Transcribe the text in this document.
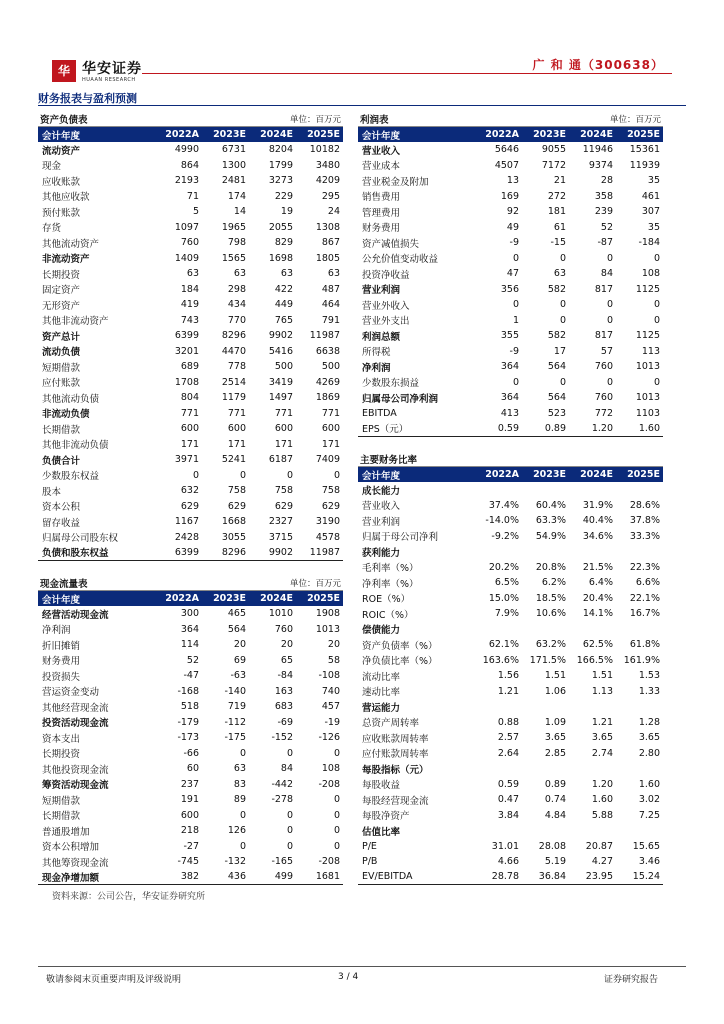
华 华安证券
HUAAN RESEARCH
广 和 通（300638）
财务报表与盈利预测
资产负债表	单位：百万元
会计年度	2022A	2023E	2024E	2025E
流动资产	4990	6731	8204	10182
现金	864	1300	1799	3480
应收账款	2193	2481	3273	4209
其他应收款	71	174	229	295
预付账款	5	14	19	24
存货	1097	1965	2055	1308
其他流动资产	760	798	829	867
非流动资产	1409	1565	1698	1805
长期投资	63	63	63	63
固定资产	184	298	422	487
无形资产	419	434	449	464
其他非流动资产	743	770	765	791
资产总计	6399	8296	9902	11987
流动负债	3201	4470	5416	6638
短期借款	689	778	500	500
应付账款	1708	2514	3419	4269
其他流动负债	804	1179	1497	1869
非流动负债	771	771	771	771
长期借款	600	600	600	600
其他非流动负债	171	171	171	171
负债合计	3971	5241	6187	7409
少数股东权益	0	0	0	0
股本	632	758	758	758
资本公积	629	629	629	629
留存收益	1167	1668	2327	3190
归属母公司股东权	2428	3055	3715	4578
负债和股东权益	6399	8296	9902	11987
现金流量表	单位：百万元
会计年度	2022A	2023E	2024E	2025E
经营活动现金流	300	465	1010	1908
净利润	364	564	760	1013
折旧摊销	114	20	20	20
财务费用	52	69	65	58
投资损失	-47	-63	-84	-108
营运资金变动	-168	-140	163	740
其他经营现金流	518	719	683	457
投资活动现金流	-179	-112	-69	-19
资本支出	-173	-175	-152	-126
长期投资	-66	0	0	0
其他投资现金流	60	63	84	108
筹资活动现金流	237	83	-442	-208
短期借款	191	89	-278	0
长期借款	600	0	0	0
普通股增加	218	126	0	0
资本公积增加	-27	0	0	0
其他筹资现金流	-745	-132	-165	-208
现金净增加额	382	436	499	1681
利润表	单位：百万元
会计年度	2022A	2023E	2024E	2025E
营业收入	5646	9055	11946	15361
营业成本	4507	7172	9374	11939
营业税金及附加	13	21	28	35
销售费用	169	272	358	461
管理费用	92	181	239	307
财务费用	49	61	52	35
资产减值损失	-9	-15	-87	-184
公允价值变动收益	0	0	0	0
投资净收益	47	63	84	108
营业利润	356	582	817	1125
营业外收入	0	0	0	0
营业外支出	1	0	0	0
利润总额	355	582	817	1125
所得税	-9	17	57	113
净利润	364	564	760	1013
少数股东损益	0	0	0	0
归属母公司净利润	364	564	760	1013
EBITDA	413	523	772	1103
EPS（元）	0.59	0.89	1.20	1.60
主要财务比率
会计年度	2022A	2023E	2024E	2025E
成长能力
营业收入	37.4%	60.4%	31.9%	28.6%
营业利润	-14.0%	63.3%	40.4%	37.8%
归属于母公司净利	-9.2%	54.9%	34.6%	33.3%
获利能力
毛利率（%）	20.2%	20.8%	21.5%	22.3%
净利率（%）	6.5%	6.2%	6.4%	6.6%
ROE（%）	15.0%	18.5%	20.4%	22.1%
ROIC（%）	7.9%	10.6%	14.1%	16.7%
偿债能力
资产负债率（%）	62.1%	63.2%	62.5%	61.8%
净负债比率（%）	163.6%	171.5%	166.5%	161.9%
流动比率	1.56	1.51	1.51	1.53
速动比率	1.21	1.06	1.13	1.33
营运能力
总资产周转率	0.88	1.09	1.21	1.28
应收账款周转率	2.57	3.65	3.65	3.65
应付账款周转率	2.64	2.85	2.74	2.80
每股指标（元）
每股收益	0.59	0.89	1.20	1.60
每股经营现金流	0.47	0.74	1.60	3.02
每股净资产	3.84	4.84	5.88	7.25
估值比率
P/E	31.01	28.08	20.87	15.65
P/B	4.66	5.19	4.27	3.46
EV/EBITDA	28.78	36.84	23.95	15.24
资料来源：公司公告，华安证券研究所
敬请参阅末页重要声明及评级说明	3 / 4	证券研究报告
